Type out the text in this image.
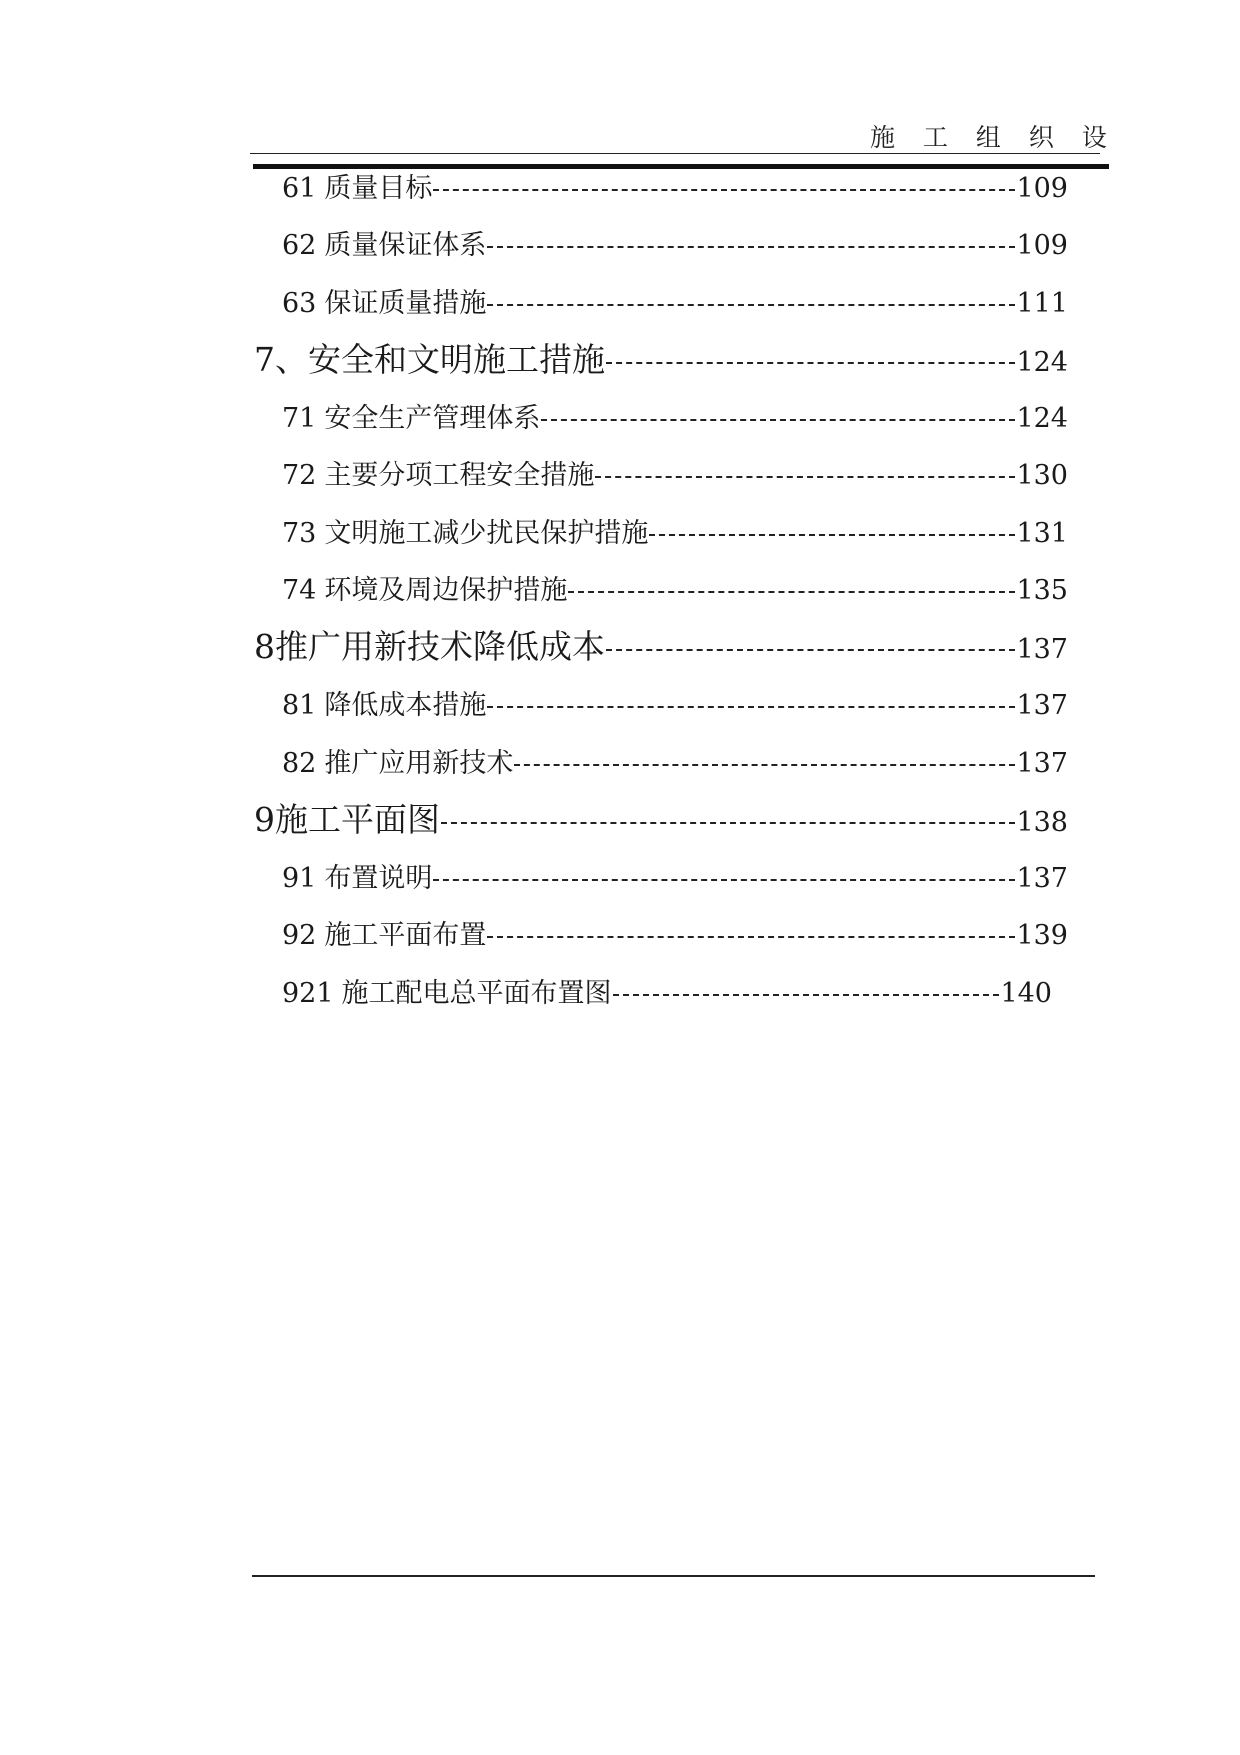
施 工 组 织 设
61 质量目标	109
62 质量保证体系	109
63 保证质量措施	111
7、 安全和文明施工措施	124
71 安全生产管理体系	124
72 主要分项工程安全措施	130
73 文明施工减少扰民保护措施	131
74 环境及周边保护措施	135
8 推广用新技术降低成本	137
81 降低成本措施	137
82 推广应用新技术	137
9 施工平面图	138
91 布置说明	137
92 施工平面布置	139
921 施工配电总平面布置图	140
